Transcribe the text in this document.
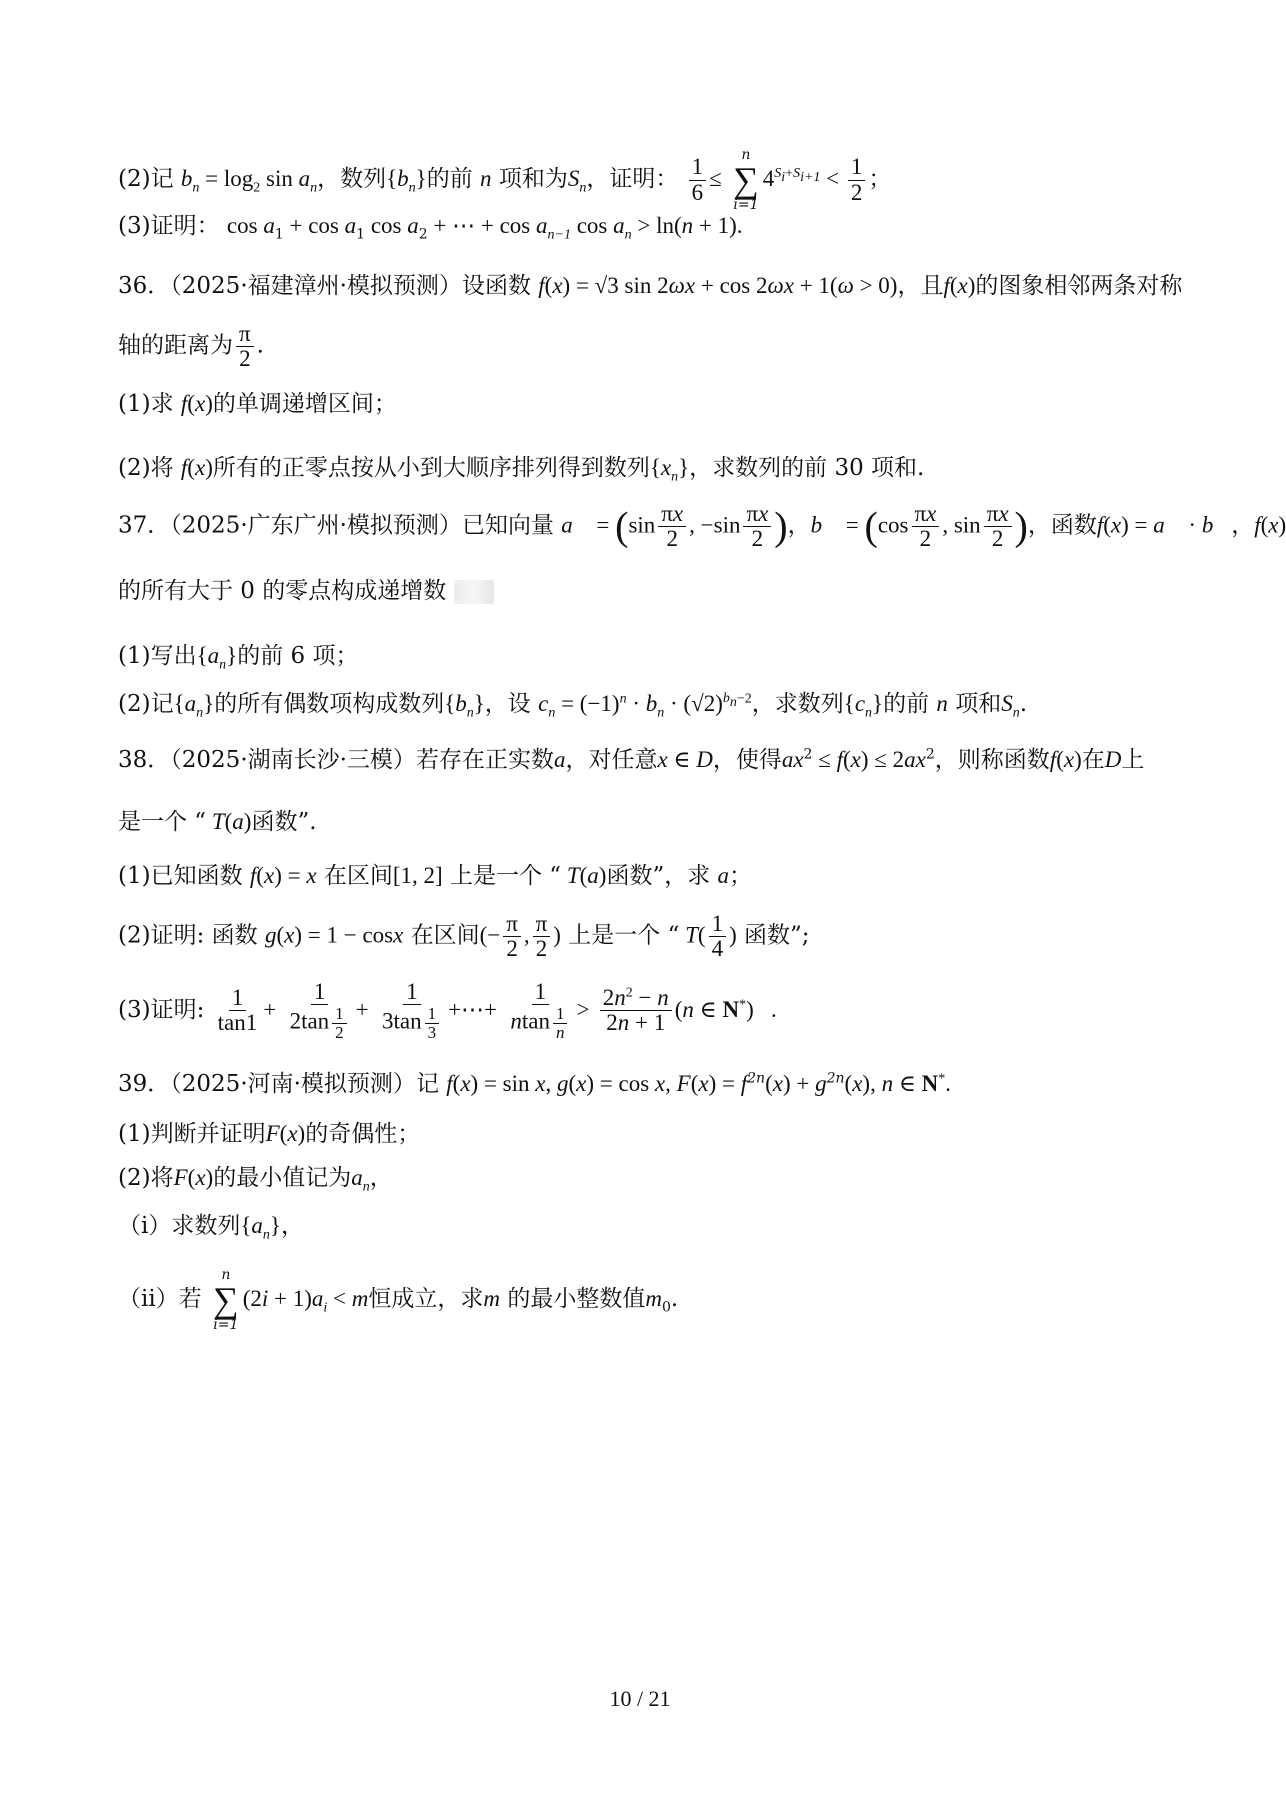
(2)记 $b_n = \log_2 \sin a_n$，数列$\{b_n\}$的前 n 项和为$S_n$，证明： $\frac{1}{6}$ ≤
n
∑
i=1
$4^{S_i+S_{i+1}} < \frac{1}{2}$ ；
(3)证明： $\cos a_1 + \cos a_1$ $\cos a_2$ + ⋯ + $\cos a_{n-1}$ $\cos a_n > \ln(n + 1)$.
36．（2025·福建漳州·模拟预测）设函数 f(x) = √3 sin 2ωx + cos 2ωx + 1(ω > 0)，且f(x)的图象相邻两条对称
轴的距离为 $\frac{\pi}{2}$ .
(1)求 f(x)的单调递增区间；
(2)将 f(x)所有的正零点按从小到大顺序排列得到数列$\{x_n\}$，求数列的前 30 项和.
37．（2025·广东广州·模拟预测）已知向量 a⃗ = ($\sin \frac{\pi x}{2}$ , $-\sin \frac{\pi x}{2}$ )，b⃗ = ($\cos \frac{\pi x}{2}$ , $\sin \frac{\pi x}{2}$ )，函数f(x) = a⃗ · b⃗，f(x)
的所有大于 0 的零点构成递增数
(1)写出$\{a_n\}$的前 6 项；
(2)记$\{a_n\}$的所有偶数项构成数列$\{b_n\}$，设 $c_n = (-1)^n \cdot b_n \cdot (√2)^{b_n-2}$，求数列$\{c_n\}$的前 n 项和$S_n$.
38．（2025·湖南长沙·三模）若存在正实数a，对任意x ∈ D，使得$ax^2 \le f(x) \le 2ax^2$，则称函数f(x)在D上
是一个 “ T(a)函数”.
(1)已知函数 f(x) = x 在区间[1, 2] 上是一个 “ T(a)函数”，求 a；
(2)证明: 函数 g(x) = 1 − cosx 在区间(− $\frac{\pi}{2}$ , $\frac{\pi}{2}$ ) 上是一个 “ $T( \frac{1}{4}$ ) 函数”;
(3)证明: $\frac{1}{\tan 1} + \frac{1}{2\tan \frac{1}{2}} + \frac{1}{3\tan \frac{1}{3}}$ +⋯+ $\frac{1}{ntan \frac{1}{n}} > \frac{2n^2 - n}{2n + 1} (n$ ∈ N*)   .
39．（2025·河南·模拟预测）记 f(x) = sin x, g(x) = cos x, $F(x) = f^{2n}(x) + g^{2n}(x)$, n ∈ N*.
(1)判断并证明F(x)的奇偶性；
(2)将F(x)的最小值记为$a_n$，
（i）求数列$\{a_n\}$，
（ii）若
n
∑
i=1
$(2i + 1)a_i < m$恒成立，求m 的最小整数值$m_0$.
10 / 21
